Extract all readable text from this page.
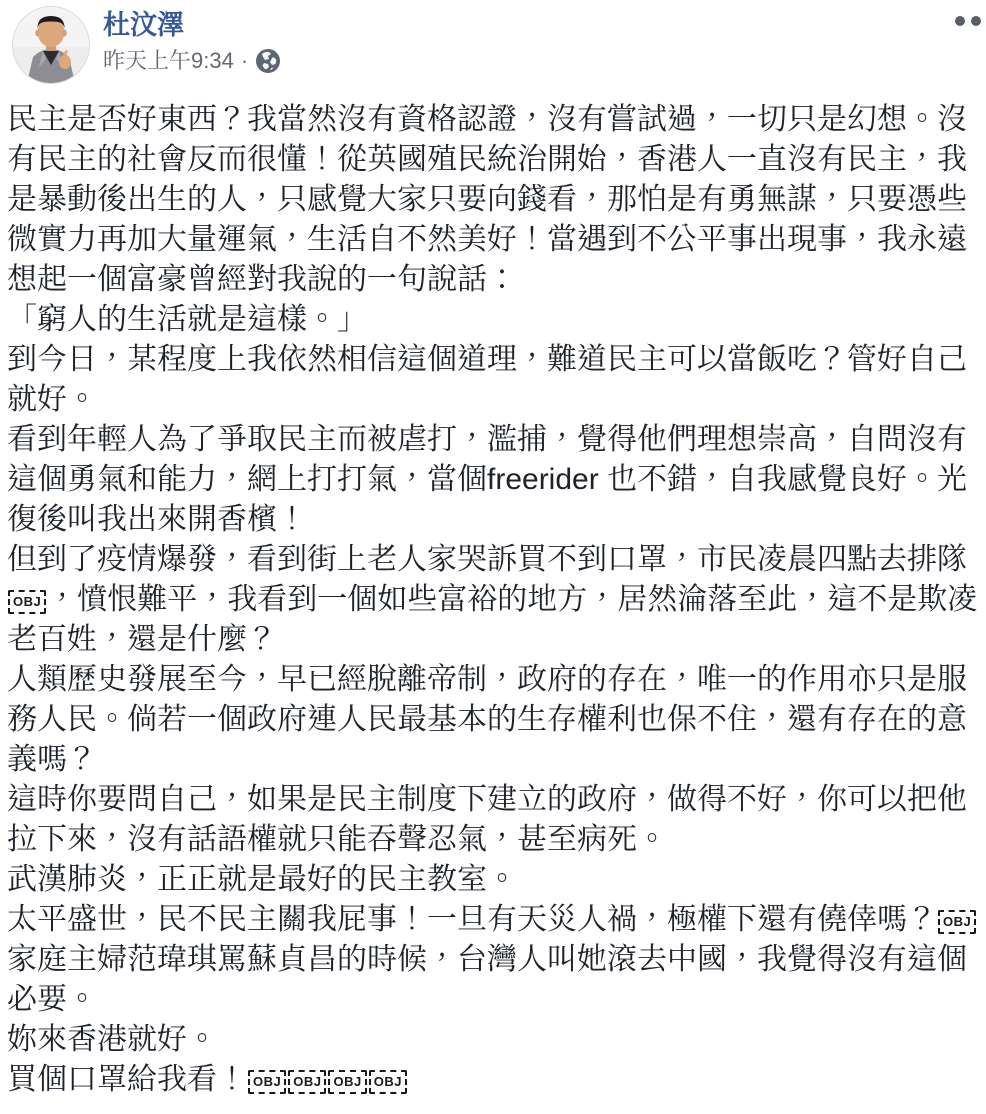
杜汶澤
昨天上午9:34 ·
民主是否好東西？我當然沒有資格認證，沒有嘗試過，一切只是幻想。沒有民主的社會反而很懂！從英國殖民統治開始，香港人一直沒有民主，我是暴動後出生的人，只感覺大家只要向錢看，那怕是有勇無謀，只要憑些微實力再加大量運氣，生活自不然美好！當遇到不公平事出現事，我永遠想起一個富豪曾經對我說的一句說話：
「窮人的生活就是這樣。」
到今日，某程度上我依然相信這個道理，難道民主可以當飯吃？管好自己就好。
看到年輕人為了爭取民主而被虐打，濫捕，覺得他們理想崇高，自問沒有這個勇氣和能力，網上打打氣，當個freerider 也不錯，自我感覺良好。光復後叫我出來開香檳！
但到了疫情爆發，看到街上老人家哭訴買不到口罩，市民凌晨四點去排隊OBJ ，憤恨難平，我看到一個如些富裕的地方，居然淪落至此，這不是欺凌老百姓，還是什麼？
人類歷史發展至今，早已經脫離帝制，政府的存在，唯一的作用亦只是服務人民。倘若一個政府連人民最基本的生存權利也保不住，還有存在的意義嗎？
這時你要問自己，如果是民主制度下建立的政府，做得不好，你可以把他拉下來，沒有話語權就只能吞聲忍氣，甚至病死。
武漢肺炎，正正就是最好的民主教室。
太平盛世，民不民主關我屁事！一旦有天災人禍，極權下還有僥倖嗎？ OBJ家庭主婦范瑋琪罵蘇貞昌的時候，台灣人叫她滾去中國，我覺得沒有這個必要。
妳來香港就好。
買個口罩給我看！ OBJ OBJ OBJ OBJ
